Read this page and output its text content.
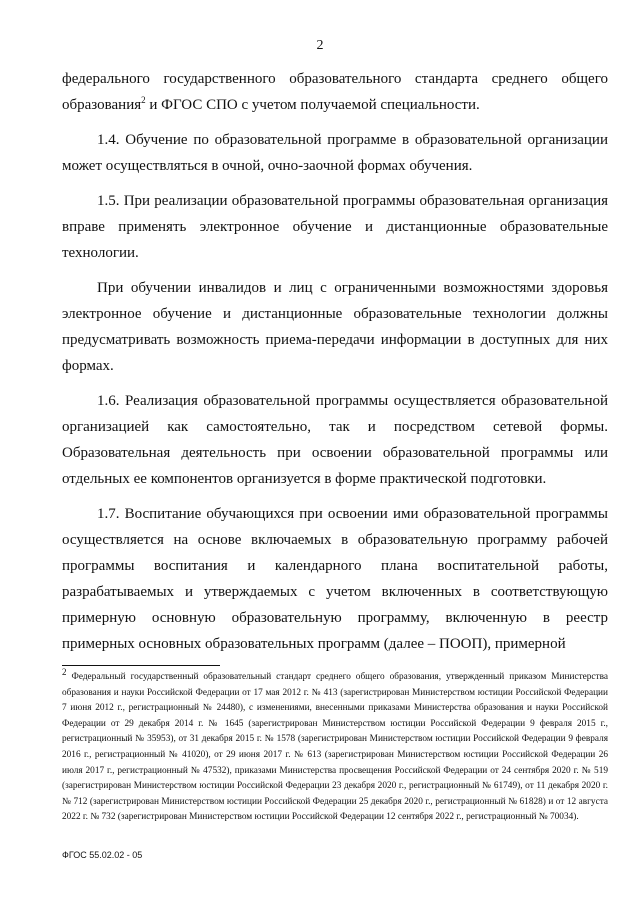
2

федерального государственного образовательного стандарта среднего общего образования$^2$ и ФГОС СПО с учетом получаемой специальности.

1.4. Обучение по образовательной программе в образовательной организации может осуществляться в очной, очно-заочной формах обучения.

1.5. При реализации образовательной программы образовательная организация вправе применять электронное обучение и дистанционные образовательные технологии.

При обучении инвалидов и лиц с ограниченными возможностями здоровья электронное обучение и дистанционные образовательные технологии должны предусматривать возможность приема-передачи информации в доступных для них формах.

1.6. Реализация образовательной программы осуществляется образовательной организацией как самостоятельно, так и посредством сетевой формы. Образовательная деятельность при освоении образовательной программы или отдельных ее компонентов организуется в форме практической подготовки.

1.7. Воспитание обучающихся при освоении ими образовательной программы осуществляется на основе включаемых в образовательную программу рабочей программы воспитания и календарного плана воспитательной работы, разрабатываемых и утверждаемых с учетом включенных в соответствующую примерную основную образовательную программу, включенную в реестр примерных основных образовательных программ (далее – ПООП), примерной

$^2$ Федеральный государственный образовательный стандарт среднего общего образования, утвержденный приказом Министерства образования и науки Российской Федерации от 17 мая 2012 г. № 413 (зарегистрирован Министерством юстиции Российской Федерации 7 июня 2012 г., регистрационный № 24480), с изменениями, внесенными приказами Министерства образования и науки Российской Федерации от 29 декабря 2014 г. № 1645 (зарегистрирован Министерством юстиции Российской Федерации 9 февраля 2015 г., регистрационный № 35953), от 31 декабря 2015 г. № 1578 (зарегистрирован Министерством юстиции Российской Федерации 9 февраля 2016 г., регистрационный № 41020), от 29 июня 2017 г. № 613 (зарегистрирован Министерством юстиции Российской Федерации 26 июля 2017 г., регистрационный № 47532), приказами Министерства просвещения Российской Федерации от 24 сентября 2020 г. № 519 (зарегистрирован Министерством юстиции Российской Федерации 23 декабря 2020 г., регистрационный № 61749), от 11 декабря 2020 г. № 712 (зарегистрирован Министерством юстиции Российской Федерации 25 декабря 2020 г., регистрационный № 61828) и от 12 августа 2022 г. № 732 (зарегистрирован Министерством юстиции Российской Федерации 12 сентября 2022 г., регистрационный № 70034).
ФГОС 55.02.02 - 05
